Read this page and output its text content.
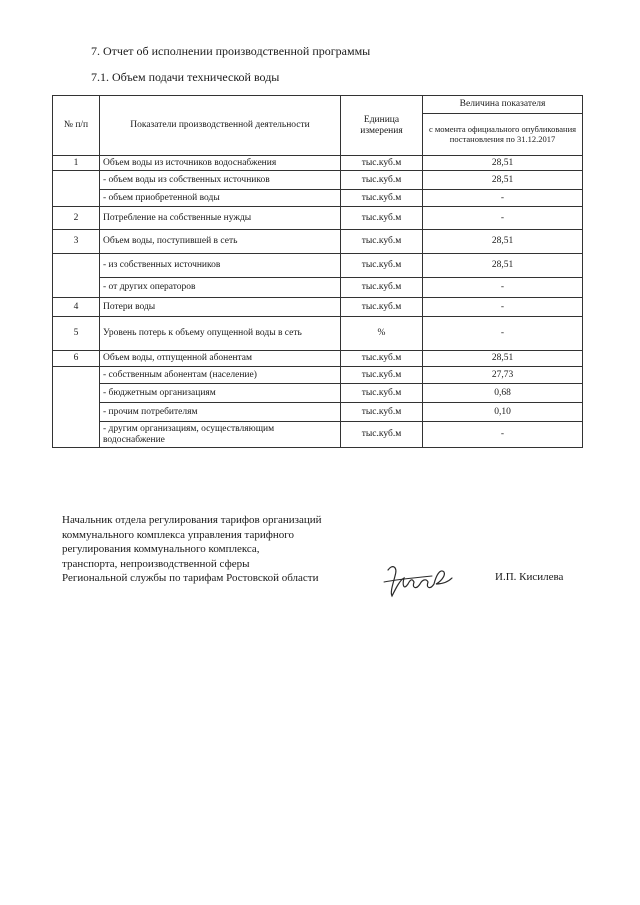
7. Отчет об исполнении производственной программы
7.1. Объем подачи технической воды
№ п/п	Показатели производственной деятельности	Единица измерения	Величина показателя
			с момента официального опубликования постановления по 31.12.2017
1	Объем воды из источников водоснабжения	тыс.куб.м	28,51
	- объем воды из собственных источников	тыс.куб.м	28,51
	- объем приобретенной воды	тыс.куб.м	-
2	Потребление на собственные нужды	тыс.куб.м	-
3	Объем воды, поступившей в сеть	тыс.куб.м	28,51
	- из собственных источников	тыс.куб.м	28,51
	- от других операторов	тыс.куб.м	-
4	Потери воды	тыс.куб.м	-
5	Уровень потерь к объему опущенной воды в сеть	%	-
6	Объем воды, отпущенной абонентам	тыс.куб.м	28,51
	- собственным абонентам (население)	тыс.куб.м	27,73
	- бюджетным организациям	тыс.куб.м	0,68
	- прочим потребителям	тыс.куб.м	0,10
	- другим организациям, осуществляющим водоснабжение	тыс.куб.м	-
Начальник отдела регулирования тарифов организаций
коммунального комплекса управления тарифного
регулирования коммунального комплекса,
транспорта, непроизводственной сферы
Региональной службы по тарифам Ростовской области	И.П. Кисилева
